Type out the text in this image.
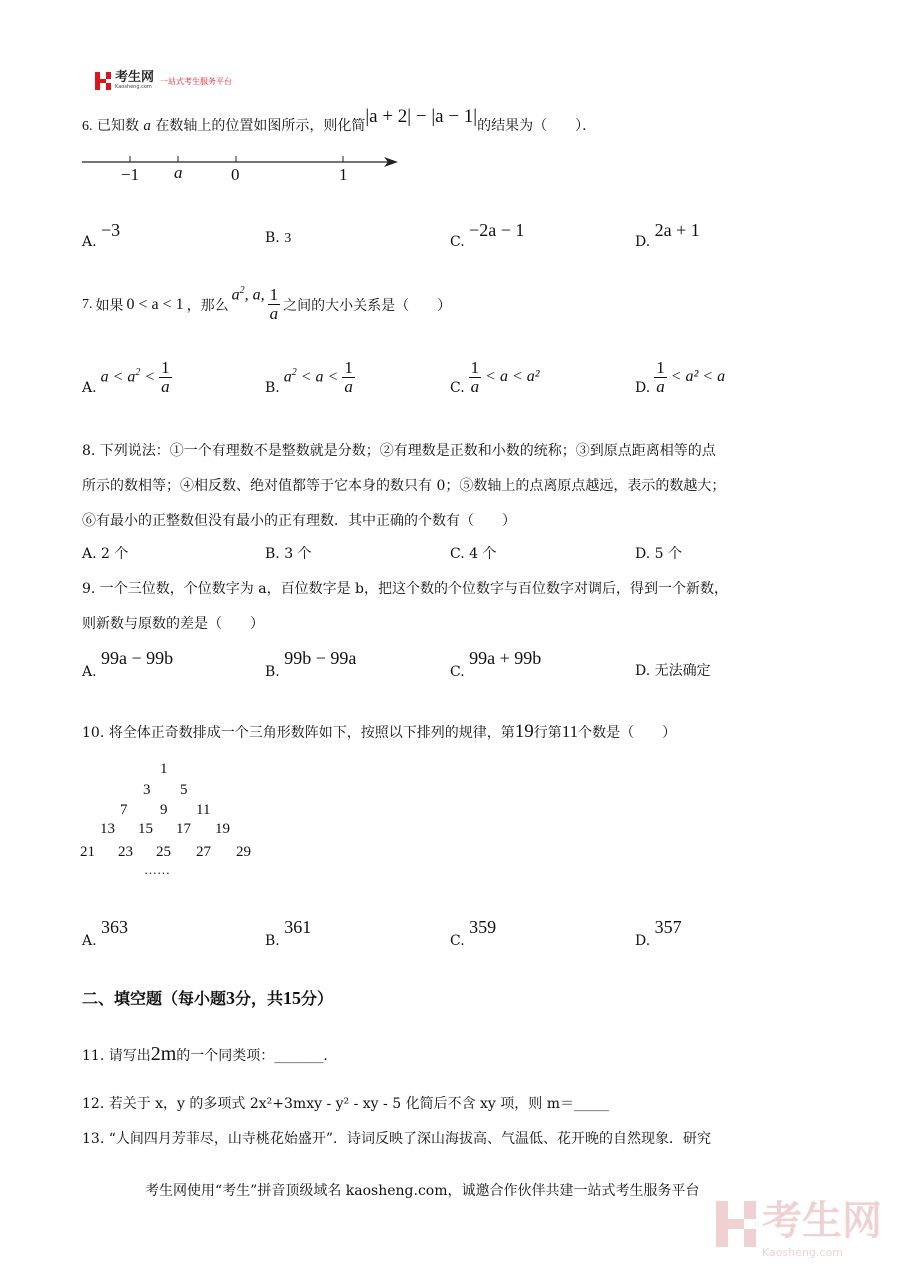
考生网
Kaosheng.com
一站式考生服务平台
6. 已知数 a 在数轴上的位置如图所示，则化简|a + 2| − |a − 1|的结果为（　　）．
−1 a	0	1
A. −3	B. 3	C. −2a − 1
D. 2a + 1
7. 如果 0 < a < 1 ，那么
$a^2$, a, $\frac{1}{a}$ 之间的大小关系是（　　）
A.
$a < a^2 < \frac{1}{a}$	B.
$a^2 < a < \frac{1}{a}$	C. $\frac{1}{a} < a < a^2$
D. $\frac{1}{a} < a^2 < a$
8. 下列说法：①一个有理数不是整数就是分数；②有理数是正数和小数的统称；③到原点距离相等的点
所示的数相等；④相反数、绝对值都等于它本身的数只有 0；⑤数轴上的点离原点越远，表示的数越大；
⑥有最小的正整数但没有最小的正有理数．其中正确的个数有（　　）
A. 2 个	B. 3 个	C. 4 个	D. 5 个
9. 一个三位数，个位数字为 a，百位数字是 b，把这个数的个位数字与百位数字对调后，得到一个新数，
则新数与原数的差是（　　）
A. 99a − 99b
B. 99b − 99a
C. 99a + 99b
D. 无法确定
10. 将全体正奇数排成一个三角形数阵如下，按照以下排列的规律，第19行第11个数是（　　）
1
3 5
7 9 11
13 15 17 19
21 23 25 27 29
……
A. 363
B. 361
C. 359
D. 357
二、填空题（每小题3分，共15分）
11. 请写出2m的一个同类项：_______.
12. 若关于 x，y 的多项式 2x²+3mxy - y² - xy - 5 化简后不含 xy 项，则 m＝_____
13. “人间四月芳菲尽，山寺桃花始盛开”．诗词反映了深山海拔高、气温低、花开晚的自然现象．研究
考生网使用“考生”拼音顶级域名 kaosheng.com，诚邀合作伙伴共建一站式考生服务平台
考生网
Kaosheng.com
